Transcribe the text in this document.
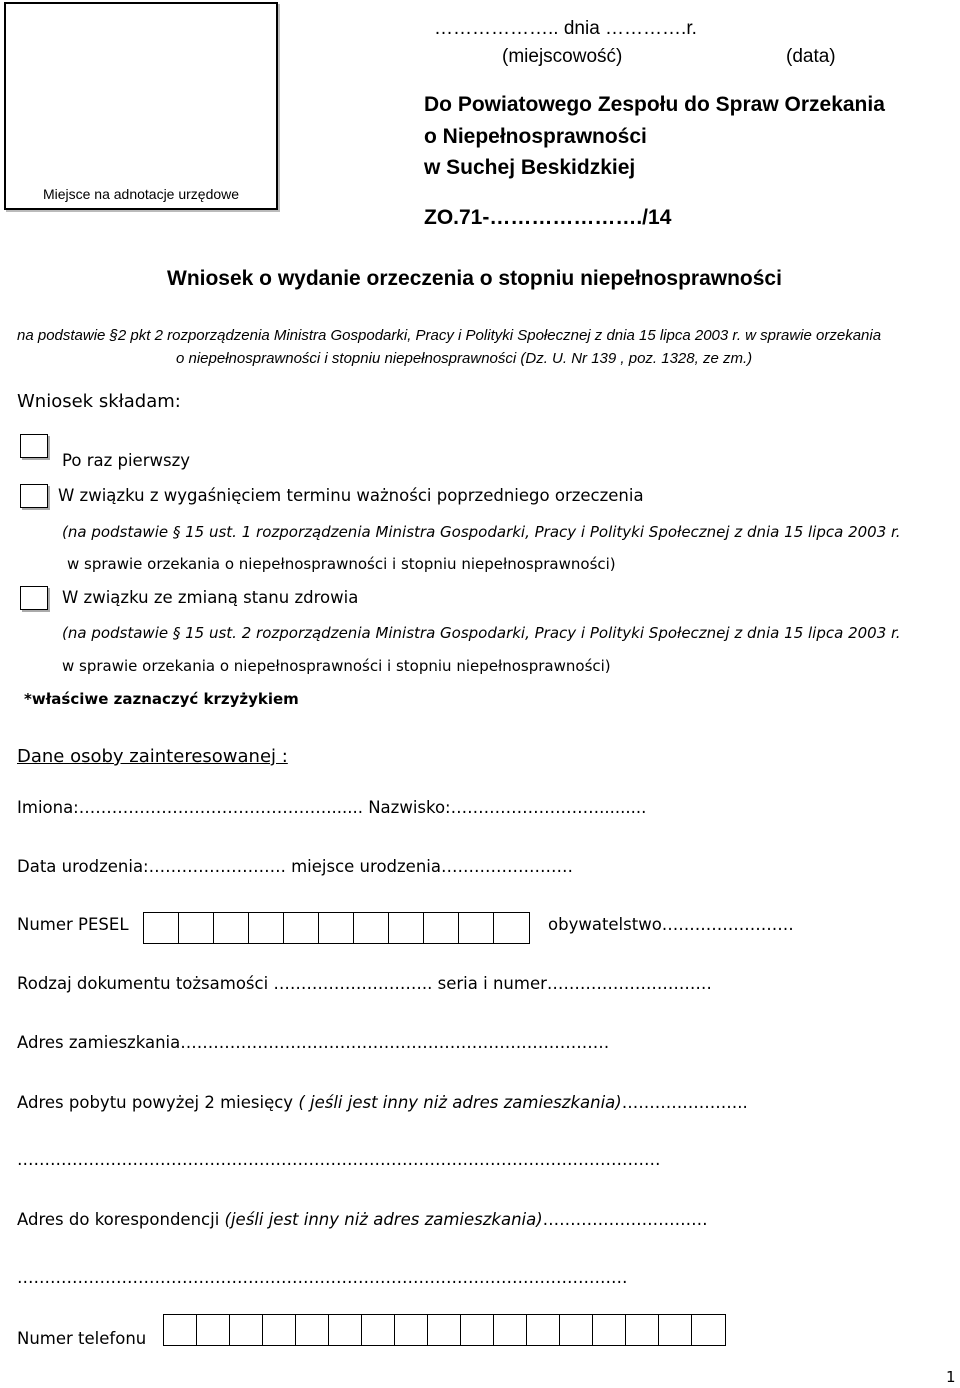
Miejsce na adnotacje urzędowe
……………….. dnia ………….r.
(miejscowość)	(data)
Do Powiatowego Zespołu do Spraw Orzekania
o Niepełnosprawności
w Suchej Beskidzkiej
ZO.71-…………………./14
Wniosek o wydanie orzeczenia o stopniu niepełnosprawności
na podstawie §2 pkt 2 rozporządzenia Ministra Gospodarki, Pracy i Polityki Społecznej z dnia 15 lipca 2003 r. w sprawie orzekania
o niepełnosprawności i stopniu niepełnosprawności (Dz. U. Nr 139 , poz. 1328, ze zm.)
Wniosek składam:
Po raz pierwszy
W związku z wygaśnięciem terminu ważności poprzedniego orzeczenia
(na podstawie § 15 ust. 1 rozporządzenia Ministra Gospodarki, Pracy i Polityki Społecznej z dnia 15 lipca 2003 r.
w sprawie orzekania o niepełnosprawności i stopniu niepełnosprawności)
W związku ze zmianą stanu zdrowia
(na podstawie § 15 ust. 2 rozporządzenia Ministra Gospodarki, Pracy i Polityki Społecznej z dnia 15 lipca 2003 r.
w sprawie orzekania o niepełnosprawności i stopniu niepełnosprawności)
*właściwe zaznaczyć krzyżykiem
Dane osoby zainteresowanej :
Imiona:………………………………………....... Nazwisko:……………………….........
Data urodzenia:……………………. miejsce urodzenia……………………
Numer PESEL	obywatelstwo……………………
Rodzaj dokumentu tożsamości ……………………….. seria i numer…………………………
Adres zamieszkania……………………………………………………………………
Adres pobytu powyżej 2 miesięcy ( jeśli jest inny niż adres zamieszkania)…………………..
………………………………………………………………………………………………………
Adres do korespondencji (jeśli jest inny niż adres zamieszkania)…………………………
…………………………………………………………………………………………………
Numer telefonu
1
